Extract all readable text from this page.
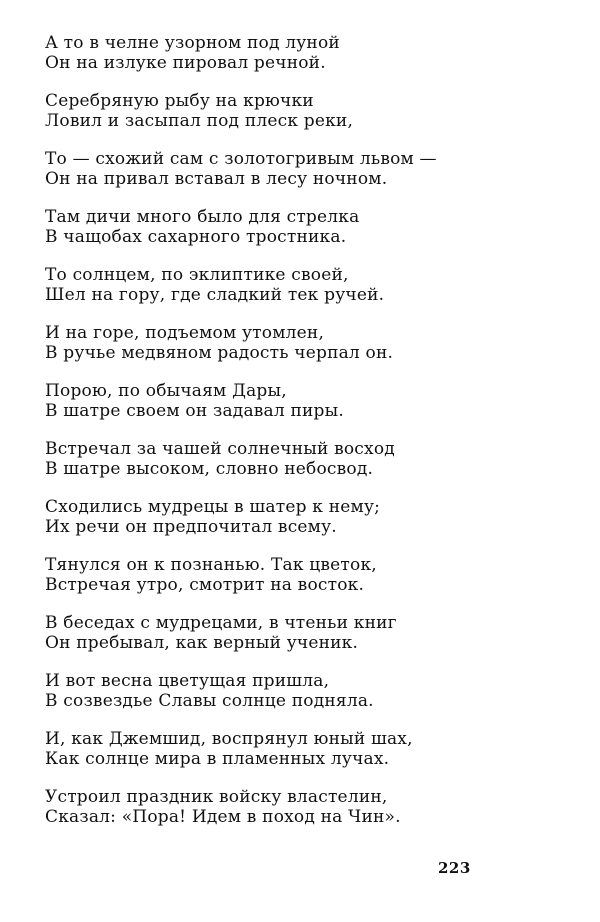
А то в челне узорном под луной
Он на излуке пировал речной.
Серебряную рыбу на крючки
Ловил и засыпал под плеск реки,
То — схожий сам с золотогривым львом —
Он на привал вставал в лесу ночном.
Там дичи много было для стрелка
В чащобах сахарного тростника.
То солнцем, по эклиптике своей,
Шел на гору, где сладкий тек ручей.
И на горе, подъемом утомлен,
В ручье медвяном радость черпал он.
Порою, по обычаям Дары,
В шатре своем он задавал пиры.
Встречал за чашей солнечный восход
В шатре высоком, словно небосвод.
Сходились мудрецы в шатер к нему;
Их речи он предпочитал всему.
Тянулся он к познанью. Так цветок,
Встречая утро, смотрит на восток.
В беседах с мудрецами, в чтеньи книг
Он пребывал, как верный ученик.
И вот весна цветущая пришла,
В созвездье Славы солнце подняла.
И, как Джемшид, воспрянул юный шах,
Как солнце мира в пламенных лучах.
Устроил праздник войску властелин,
Сказал: «Пора! Идем в поход на Чин».
223
